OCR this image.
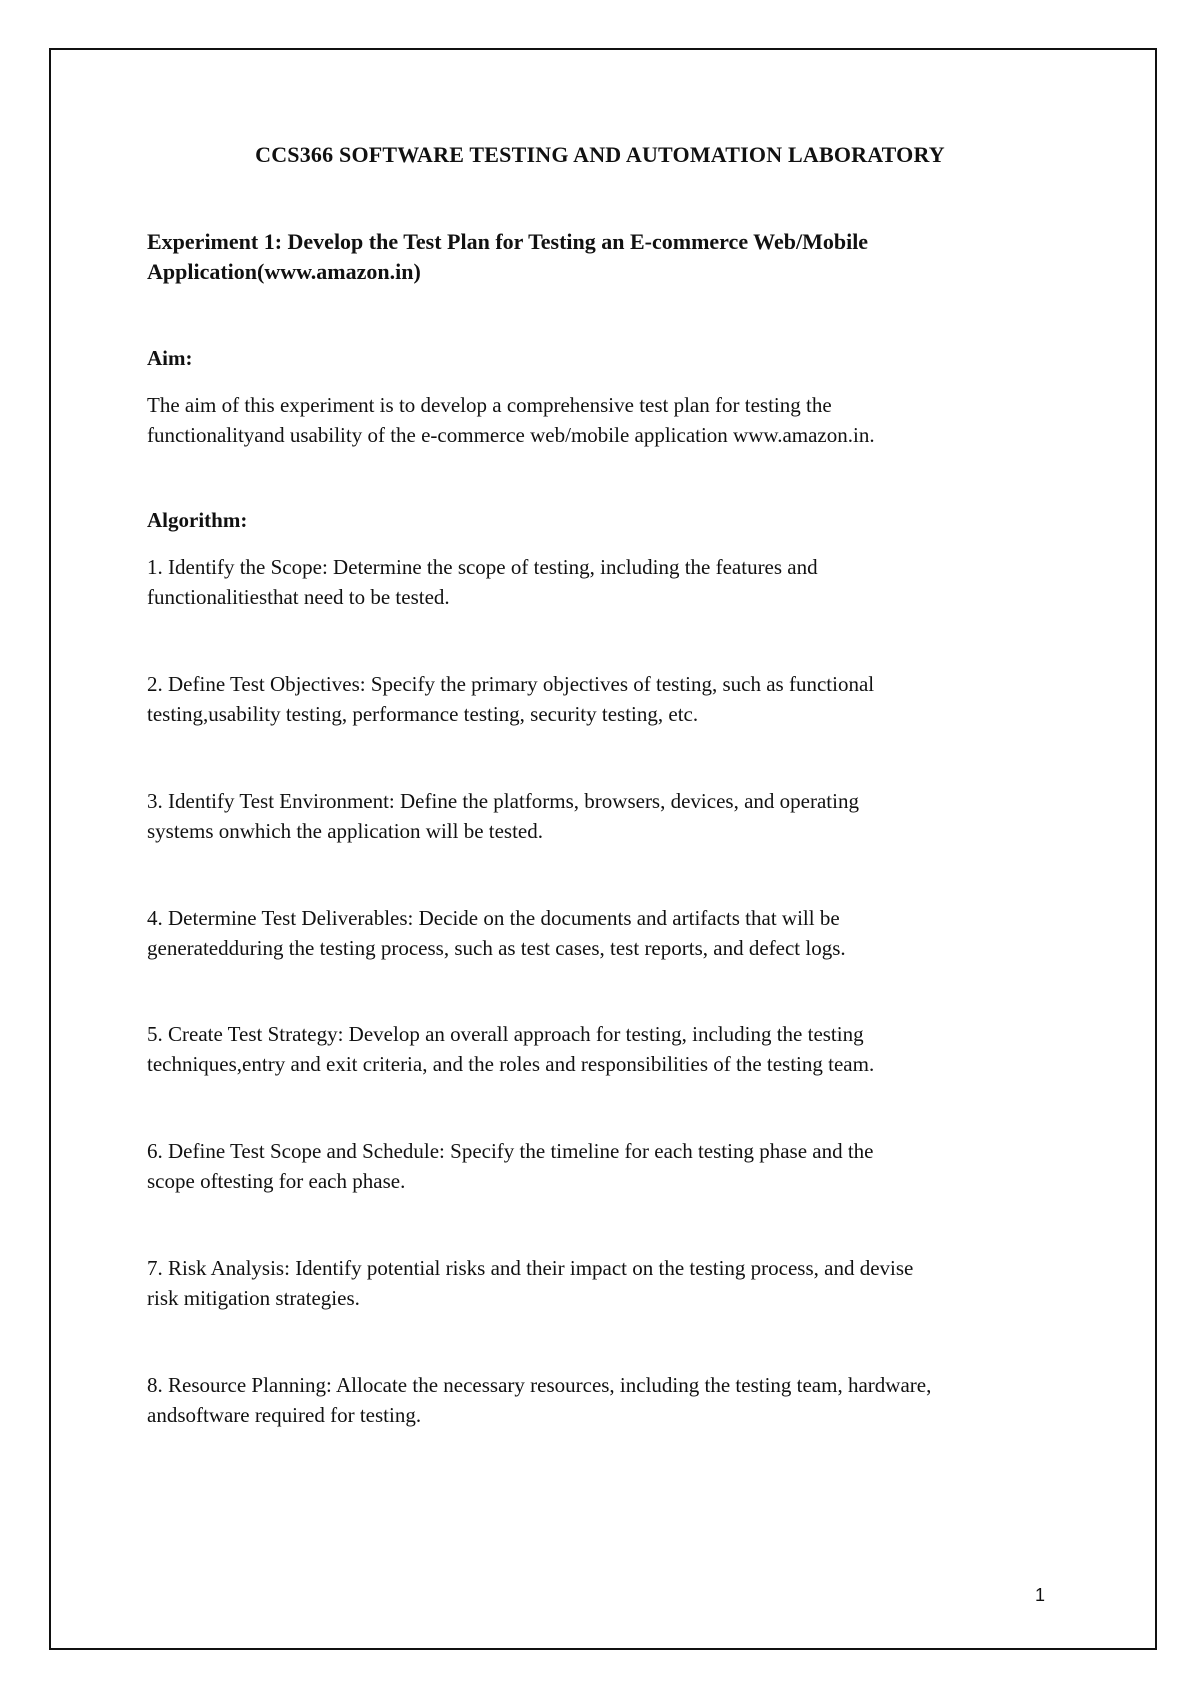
CCS366 SOFTWARE TESTING AND AUTOMATION LABORATORY
Experiment 1: Develop the Test Plan for Testing an E-commerce Web/Mobile
Application(www.amazon.in)
Aim:
The aim of this experiment is to develop a comprehensive test plan for testing the
functionalityand usability of the e-commerce web/mobile application www.amazon.in.
Algorithm:
1. Identify the Scope: Determine the scope of testing, including the features and
functionalitiesthat need to be tested.
2. Define Test Objectives: Specify the primary objectives of testing, such as functional
testing,usability testing, performance testing, security testing, etc.
3. Identify Test Environment: Define the platforms, browsers, devices, and operating
systems onwhich the application will be tested.
4. Determine Test Deliverables: Decide on the documents and artifacts that will be
generatedduring the testing process, such as test cases, test reports, and defect logs.
5. Create Test Strategy: Develop an overall approach for testing, including the testing
techniques,entry and exit criteria, and the roles and responsibilities of the testing team.
6. Define Test Scope and Schedule: Specify the timeline for each testing phase and the
scope oftesting for each phase.
7. Risk Analysis: Identify potential risks and their impact on the testing process, and devise
risk mitigation strategies.
8. Resource Planning: Allocate the necessary resources, including the testing team, hardware,
andsoftware required for testing.
1
